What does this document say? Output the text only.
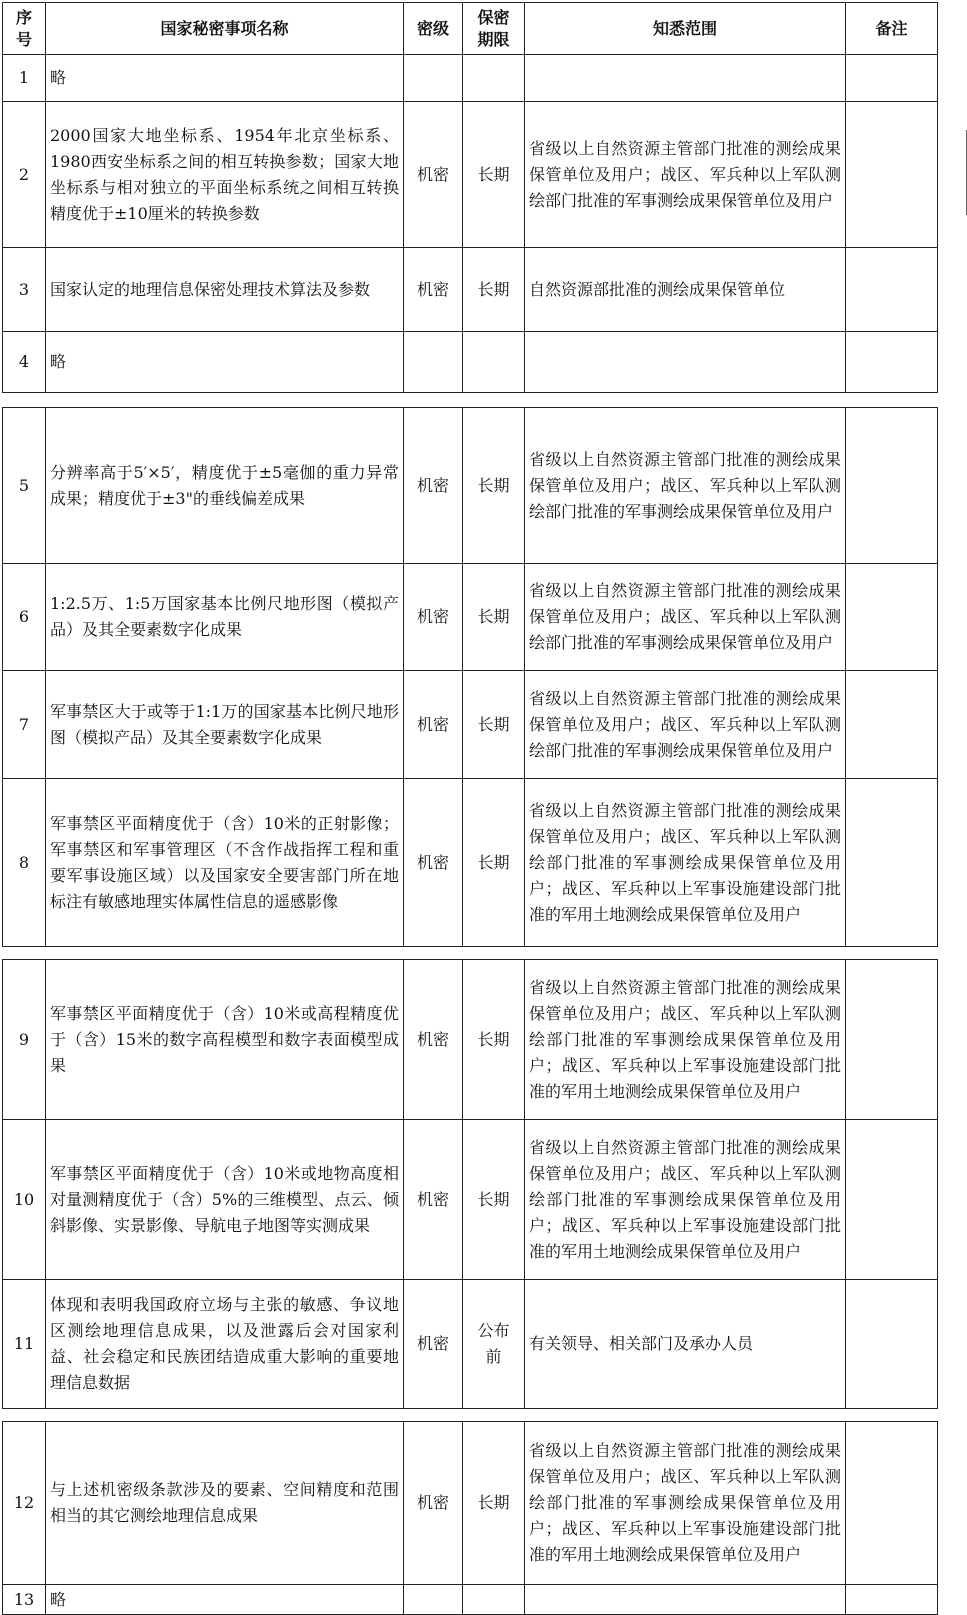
序号	国家秘密事项名称	密级	保密期限	知悉范围	备注
1	略				
2	2000国家大地坐标系、1954年北京坐标系、1980西安坐标系之间的相互转换参数；国家大地坐标系与相对独立的平面坐标系统之间相互转换精度优于±10厘米的转换参数	机密	长期	省级以上自然资源主管部门批准的测绘成果保管单位及用户；战区、军兵种以上军队测绘部门批准的军事测绘成果保管单位及用户	
3	国家认定的地理信息保密处理技术算法及参数	机密	长期	自然资源部批准的测绘成果保管单位	
4	略				
5	分辨率高于5′×5′，精度优于±5毫伽的重力异常成果；精度优于±3"的垂线偏差成果	机密	长期	省级以上自然资源主管部门批准的测绘成果保管单位及用户；战区、军兵种以上军队测绘部门批准的军事测绘成果保管单位及用户	
6	1:2.5万、1:5万国家基本比例尺地形图（模拟产品）及其全要素数字化成果	机密	长期	省级以上自然资源主管部门批准的测绘成果保管单位及用户；战区、军兵种以上军队测绘部门批准的军事测绘成果保管单位及用户	
7	军事禁区大于或等于1:1万的国家基本比例尺地形图（模拟产品）及其全要素数字化成果	机密	长期	省级以上自然资源主管部门批准的测绘成果保管单位及用户；战区、军兵种以上军队测绘部门批准的军事测绘成果保管单位及用户	
8	军事禁区平面精度优于（含）10米的正射影像；军事禁区和军事管理区（不含作战指挥工程和重要军事设施区域）以及国家安全要害部门所在地标注有敏感地理实体属性信息的遥感影像	机密	长期	省级以上自然资源主管部门批准的测绘成果保管单位及用户；战区、军兵种以上军队测绘部门批准的军事测绘成果保管单位及用户；战区、军兵种以上军事设施建设部门批准的军用土地测绘成果保管单位及用户	
9	军事禁区平面精度优于（含）10米或高程精度优于（含）15米的数字高程模型和数字表面模型成果	机密	长期	省级以上自然资源主管部门批准的测绘成果保管单位及用户；战区、军兵种以上军队测绘部门批准的军事测绘成果保管单位及用户；战区、军兵种以上军事设施建设部门批准的军用土地测绘成果保管单位及用户	
10	军事禁区平面精度优于（含）10米或地物高度相对量测精度优于（含）5%的三维模型、点云、倾斜影像、实景影像、导航电子地图等实测成果	机密	长期	省级以上自然资源主管部门批准的测绘成果保管单位及用户；战区、军兵种以上军队测绘部门批准的军事测绘成果保管单位及用户；战区、军兵种以上军事设施建设部门批准的军用土地测绘成果保管单位及用户	
11	体现和表明我国政府立场与主张的敏感、争议地区测绘地理信息成果，以及泄露后会对国家利益、社会稳定和民族团结造成重大影响的重要地理信息数据	机密	公布前	有关领导、相关部门及承办人员	
12	与上述机密级条款涉及的要素、空间精度和范围相当的其它测绘地理信息成果	机密	长期	省级以上自然资源主管部门批准的测绘成果保管单位及用户；战区、军兵种以上军队测绘部门批准的军事测绘成果保管单位及用户；战区、军兵种以上军事设施建设部门批准的军用土地测绘成果保管单位及用户	
13	略				
